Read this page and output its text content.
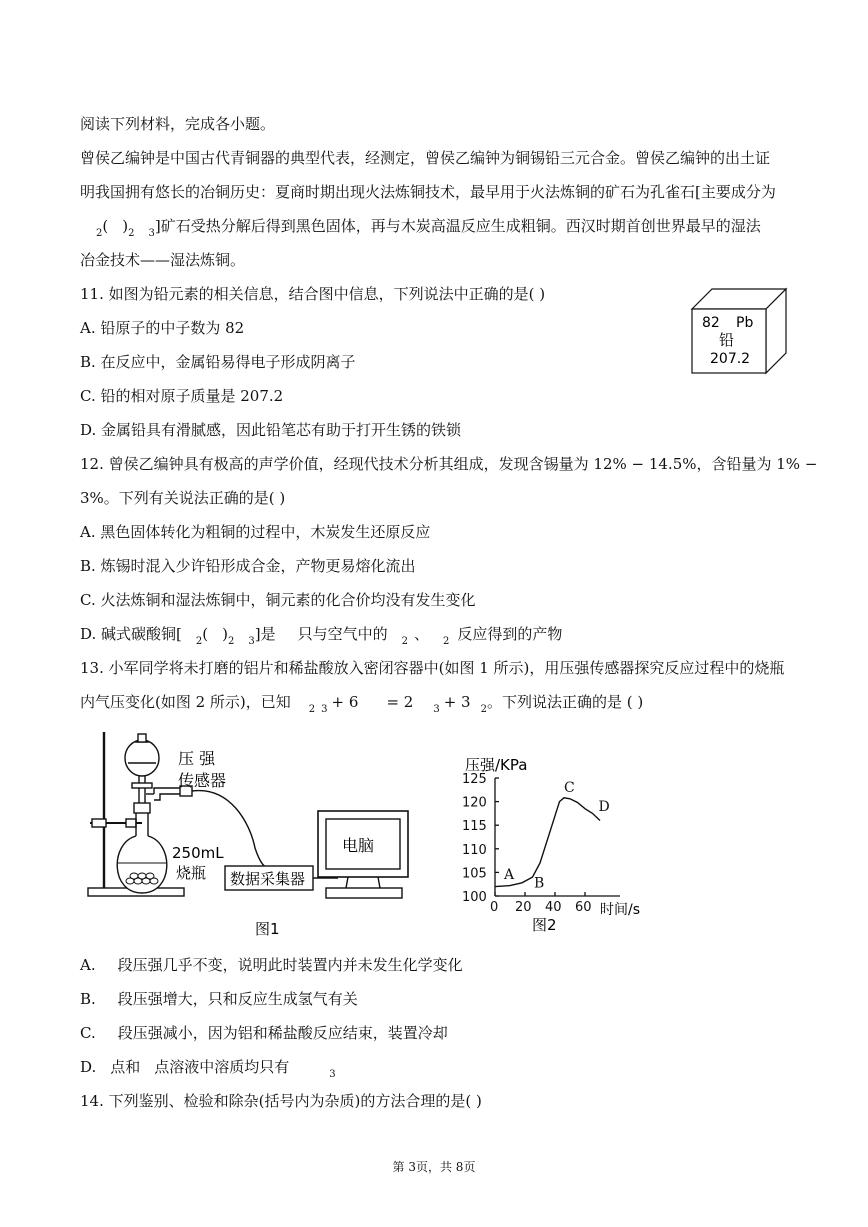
阅读下列材料，完成各小题。
曾侯乙编钟是中国古代青铜器的典型代表，经测定，曾侯乙编钟为铜锡铅三元合金。曾侯乙编钟的出土证
明我国拥有悠长的冶铜历史：夏商时期出现火法炼铜技术，最早用于火法炼铜的矿石为孔雀石[主要成分为
$_2$( )$_2$ $_3$]矿石受热分解后得到黑色固体，再与木炭高温反应生成粗铜。西汉时期首创世界最早的湿法
冶金技术——湿法炼铜。
11. 如图为铅元素的相关信息，结合图中信息，下列说法中正确的是( )
A. 铅原子的中子数为 82
B. 在反应中，金属铅易得电子形成阴离子
C. 铅的相对原子质量是 207.2
D. 金属铅具有滑腻感，因此铅笔芯有助于打开生锈的铁锁
82 Pb
铅
207.2
12. 曾侯乙编钟具有极高的声学价值，经现代技术分析其组成，发现含锡量为 12% − 14.5%，含铅量为 1% −
3%。下列有关说法正确的是( )
A. 黑色固体转化为粗铜的过程中，木炭发生还原反应
B. 炼锡时混入少许铅形成合金，产物更易熔化流出
C. 火法炼铜和湿法炼铜中，铜元素的化合价均没有发生变化
D. 碱式碳酸铜[ $_2$( )$_2$ $_3$]是 只与空气中的 $_2$ 、 $_2$ 反应得到的产物
13. 小军同学将未打磨的铝片和稀盐酸放入密闭容器中(如图 1 所示)，用压强传感器探究反应过程中的烧瓶
内气压变化(如图 2 所示)，已知 $_2$ $_3$ + 6 = 2 $_3$ + 3 $_2$。下列说法正确的是 ( )
压 强
传感器
250mL
烧瓶 数据采集器
电脑
图1
100
105
110
115
120
125
0 20 40 60
A
B
C
D
压强/KPa
时间/s
图2
A. 段压强几乎不变，说明此时装置内并未发生化学变化
B. 段压强增大，只和反应生成氢气有关
C. 段压强减小，因为铝和稀盐酸反应结束，装置冷却
D. 点和 点溶液中溶质均只有	$_3$
14. 下列鉴别、检验和除杂(括号内为杂质)的方法合理的是( )
第 3页，共 8页
